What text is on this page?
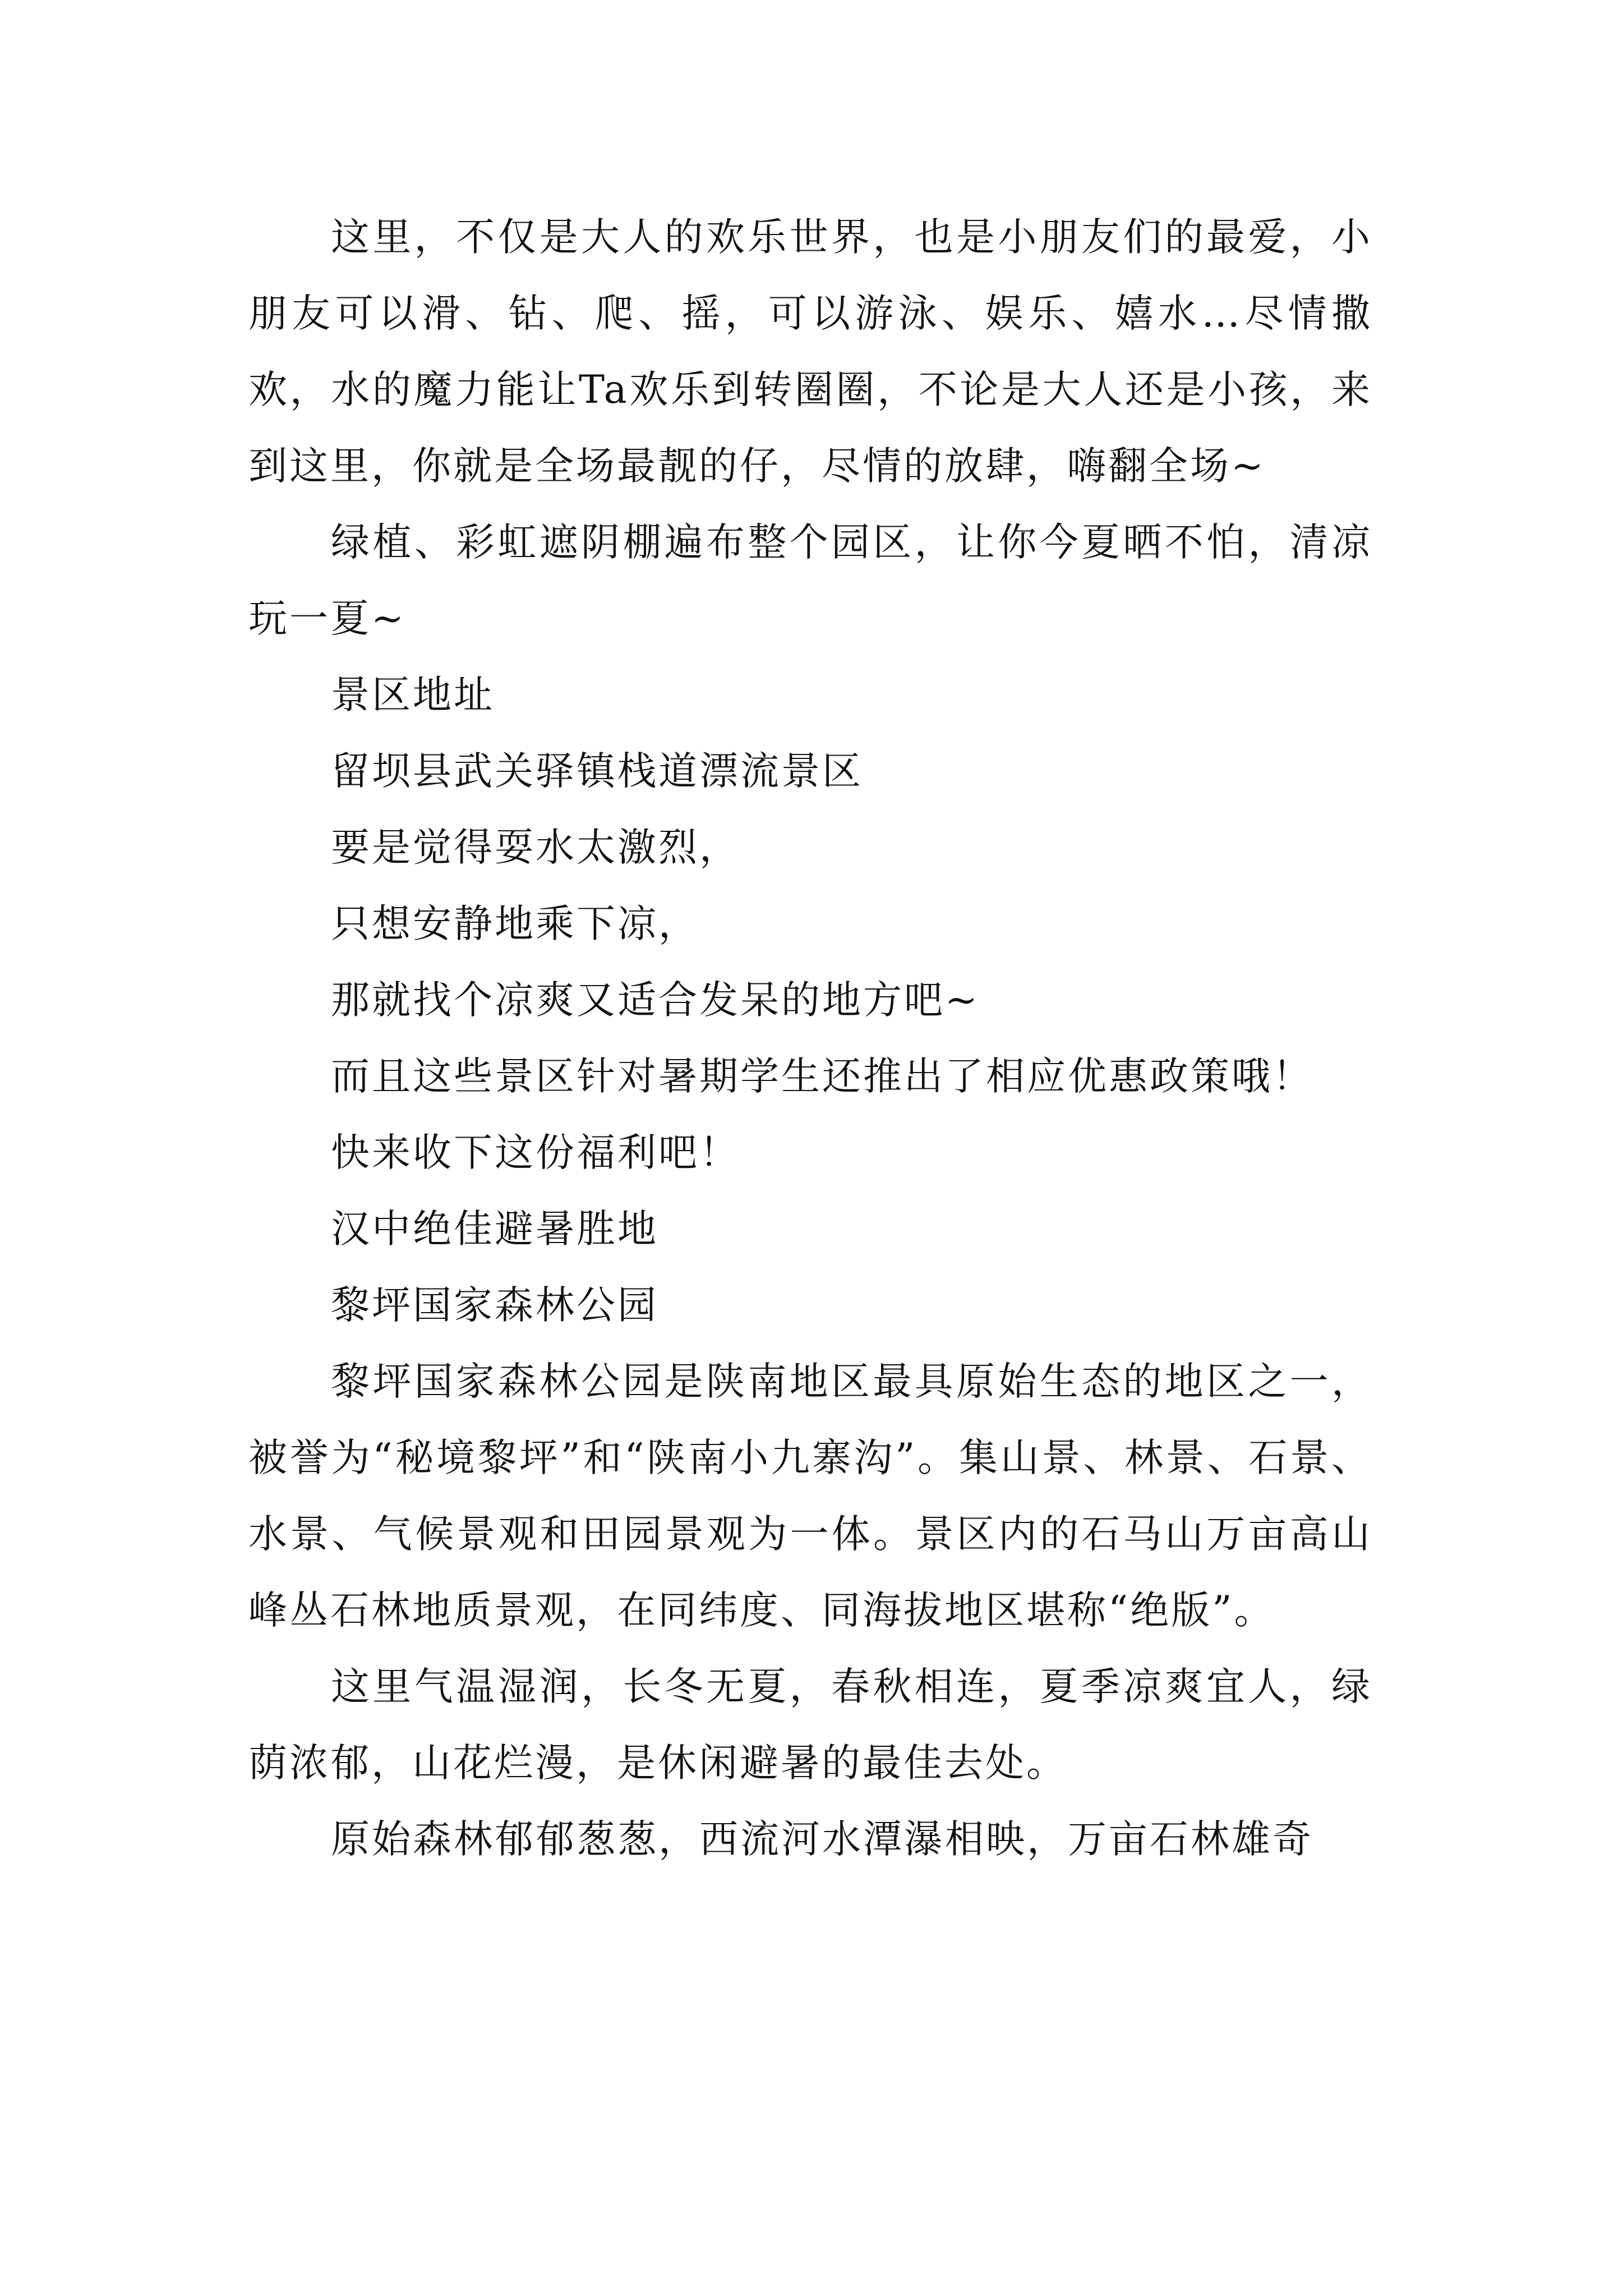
这里，不仅是大人的欢乐世界，也是小朋友们的最爱，小朋友可以滑、钻、爬、摇，可以游泳、娱乐、嬉水…尽情撒欢，水的魔力能让Ta欢乐到转圈圈，不论是大人还是小孩，来到这里，你就是全场最靓的仔，尽情的放肆，嗨翻全场~

绿植、彩虹遮阴棚遍布整个园区，让你今夏晒不怕，清凉玩一夏~

景区地址

留坝县武关驿镇栈道漂流景区

要是觉得耍水太激烈，

只想安静地乘下凉，

那就找个凉爽又适合发呆的地方吧~

而且这些景区针对暑期学生还推出了相应优惠政策哦！

快来收下这份福利吧！

汉中绝佳避暑胜地

黎坪国家森林公园

黎坪国家森林公园是陕南地区最具原始生态的地区之一，被誉为“秘境黎坪”和“陕南小九寨沟”。集山景、林景、石景、水景、气候景观和田园景观为一体。景区内的石马山万亩高山峰丛石林地质景观，在同纬度、同海拔地区堪称“绝版”。

这里气温湿润，长冬无夏，春秋相连，夏季凉爽宜人，绿荫浓郁，山花烂漫，是休闲避暑的最佳去处。

原始森林郁郁葱葱，西流河水潭瀑相映，万亩石林雄奇
